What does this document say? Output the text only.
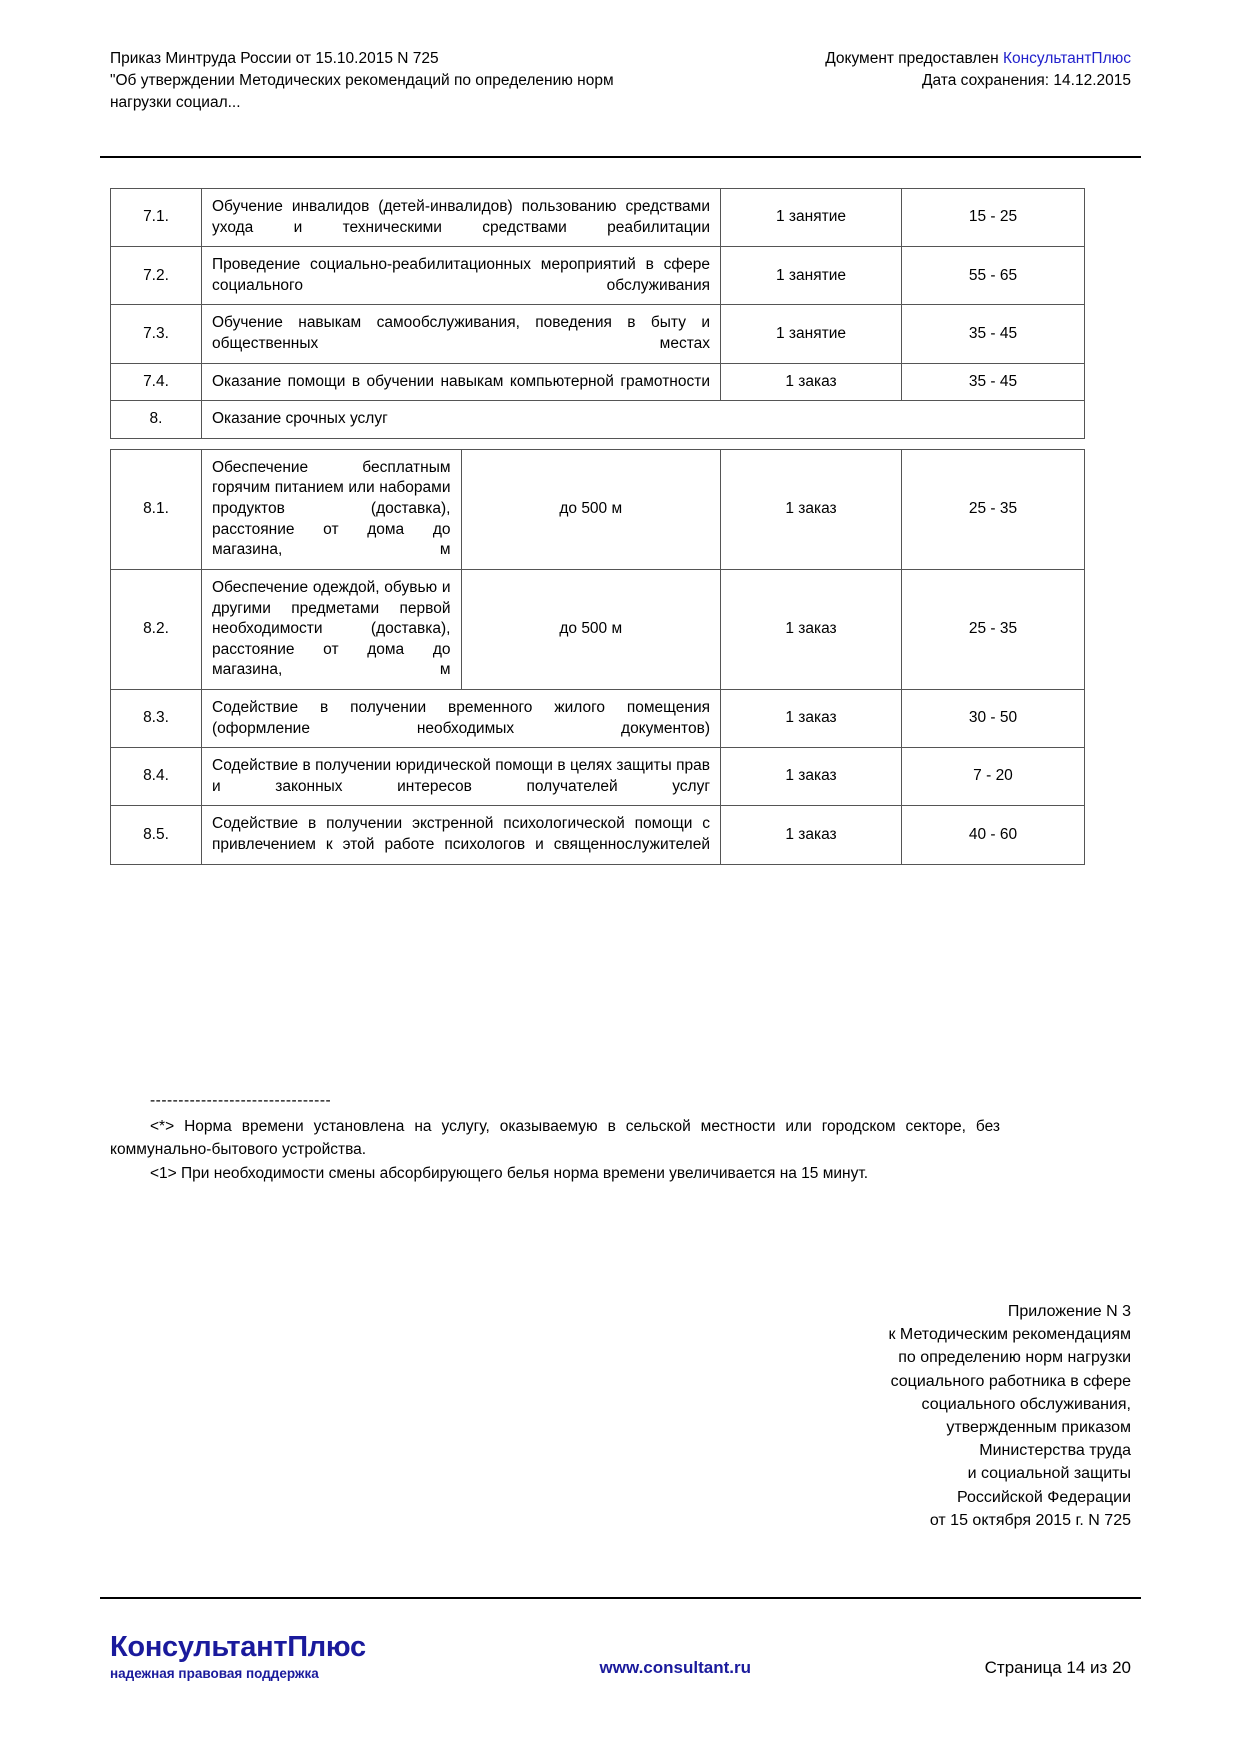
Приказ Минтруда России от 15.10.2015 N 725
"Об утверждении Методических рекомендаций по определению норм
нагрузки социал...
Документ предоставлен КонсультантПлюс
Дата сохранения: 14.12.2015
7.1.	Обучение инвалидов (детей-инвалидов) пользованию средствами ухода и техническими средствами реабилитации		1 занятие	15 - 25
7.2.	Проведение социально-реабилитационных мероприятий в сфере социального обслуживания		1 занятие	55 - 65
7.3.	Обучение навыкам самообслуживания, поведения в быту и общественных местах		1 занятие	35 - 45
7.4.	Оказание помощи в обучении навыкам компьютерной грамотности		1 заказ	35 - 45
8.	Оказание срочных услуг			

8.1.	Обеспечение бесплатным горячим питанием или наборами продуктов (доставка), расстояние от дома до магазина, м	до 500 м	1 заказ	25 - 35
8.2.	Обеспечение одеждой, обувью и другими предметами первой необходимости (доставка), расстояние от дома до магазина, м	до 500 м	1 заказ	25 - 35
8.3.	Содействие в получении временного жилого помещения (оформление необходимых документов)		1 заказ	30 - 50
8.4.	Содействие в получении юридической помощи в целях защиты прав и законных интересов получателей услуг		1 заказ	7 - 20
8.5.	Содействие в получении экстренной психологической помощи с привлечением к этой работе психологов и священнослужителей		1 заказ	40 - 60
--------------------------------

<*> Норма времени установлена на услугу, оказываемую в сельской местности или городском секторе, без коммунально-бытового устройства.

<1> При необходимости смены абсорбирующего белья норма времени увеличивается на 15 минут.

Приложение N 3
к Методическим рекомендациям
по определению норм нагрузки
социального работника в сфере
социального обслуживания,
утвержденным приказом
Министерства труда
и социальной защиты
Российской Федерации
от 15 октября 2015 г. N 725
КонсультантПлюс
надежная правовая поддержка	www.consultant.ru	Страница 14 из 20
